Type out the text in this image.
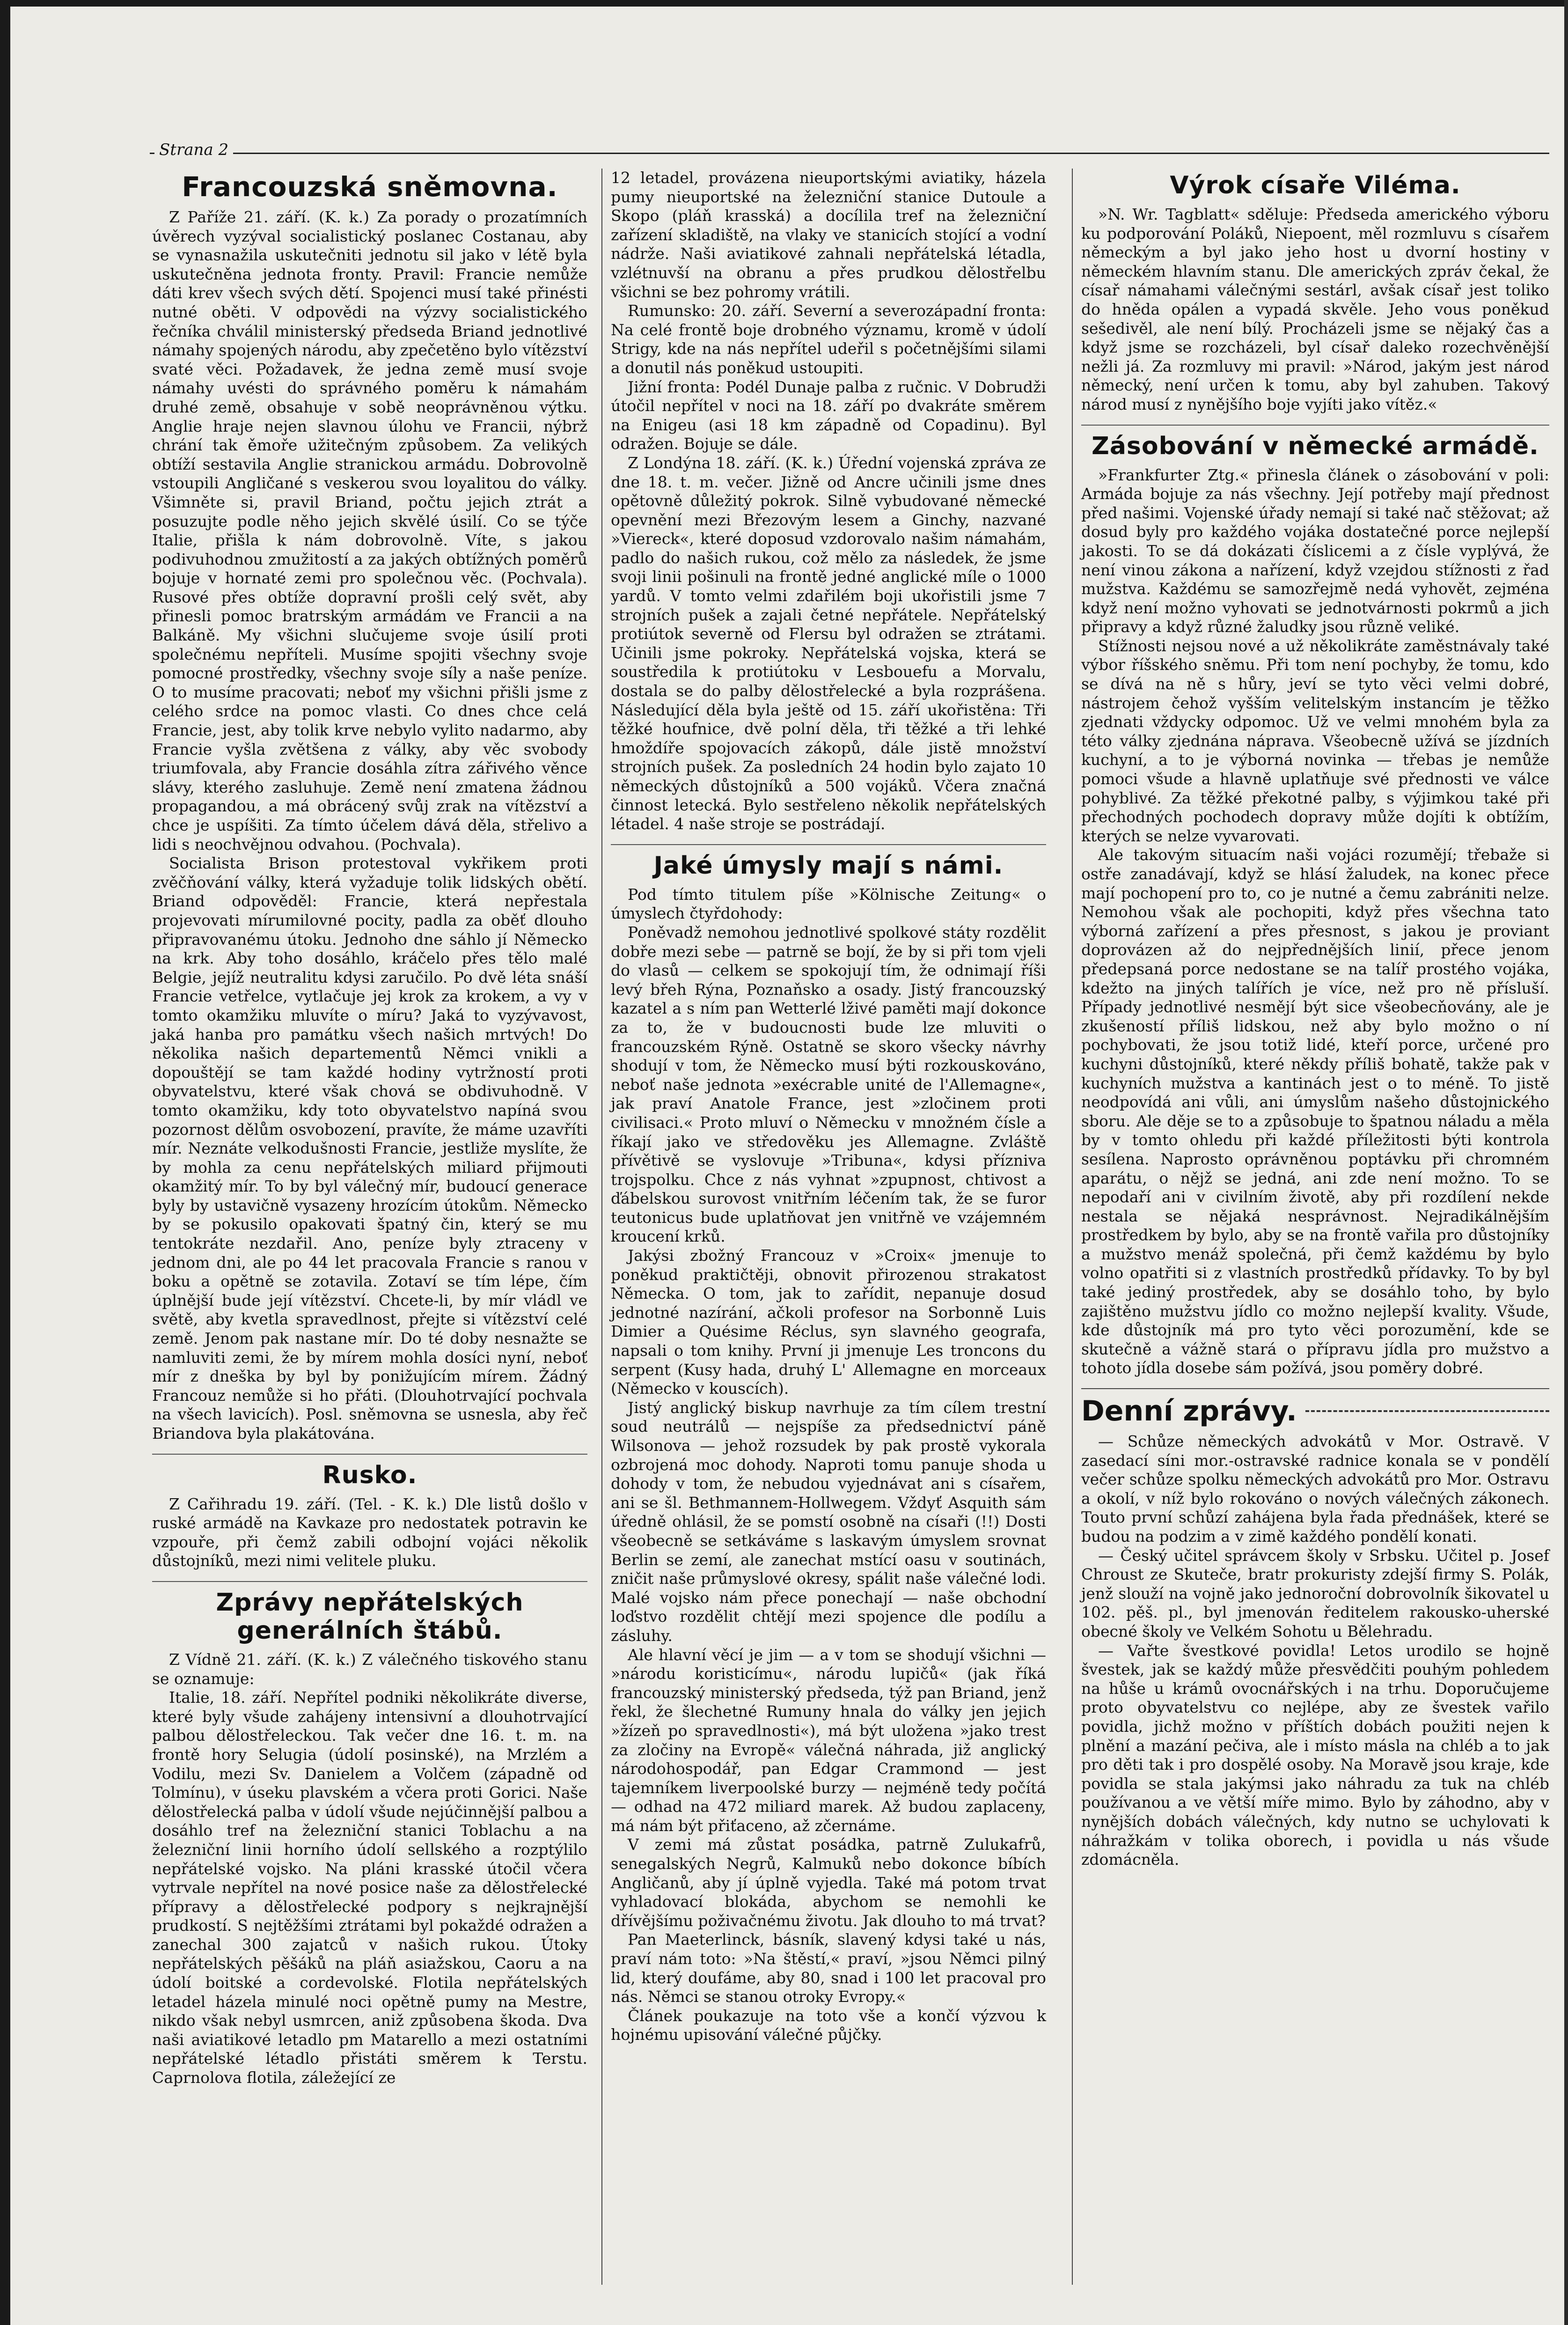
Strana 2
Francouzská sněmovna.

Z Paříže 21. září. (K. k.) Za porady o prozatímních úvěrech vyzýval socialistický poslanec Costanau, aby se vynasnažila uskutečniti jednotu sil jako v létě byla uskutečněna jednota fronty. Pravil: Francie nemůže dáti krev všech svých dětí. Spojenci musí také přinésti nutné oběti. V odpovědi na výzvy socialistického řečníka chválil ministerský předseda Briand jednotlivé námahy spojených národu, aby zpečetěno bylo vítězství svaté věci. Požadavek, že jedna země musí svoje námahy uvésti do správného poměru k námahám druhé země, obsahuje v sobě neoprávněnou výtku. Anglie hraje nejen slavnou úlohu ve Francii, nýbrž chrání tak ěmoře užitečným způsobem. Za velikých obtíží sestavila Anglie stranickou armádu. Dobrovolně vstoupili Angličané s veskerou svou loyalitou do války. Všimněte si, pravil Briand, počtu jejich ztrát a posuzujte podle něho jejich skvělé úsilí. Co se týče Italie, přišla k nám dobrovolně. Víte, s jakou podivuhodnou zmužitostí a za jakých obtížných poměrů bojuje v hornaté zemi pro společnou věc. (Pochvala). Rusové přes obtíže dopravní prošli celý svět, aby přinesli pomoc bratrským armádám ve Francii a na Balkáně. My všichni slučujeme svoje úsilí proti společnému nepříteli. Musíme spojiti všechny svoje pomocné prostředky, všechny svoje síly a naše peníze. O to musíme pracovati; neboť my všichni přišli jsme z celého srdce na pomoc vlasti. Co dnes chce celá Francie, jest, aby tolik krve nebylo vylito nadarmo, aby Francie vyšla zvětšena z války, aby věc svobody triumfovala, aby Francie dosáhla zítra zářivého věnce slávy, kterého zasluhuje. Země není zmatena žádnou propagandou, a má obrácený svůj zrak na vítězství a chce je uspíšiti. Za tímto účelem dává děla, střelivo a lidi s neochvějnou odvahou. (Pochvala).

Socialista Brison protestoval vykřikem proti zvěčňování války, která vyžaduje tolik lidských obětí. Briand odpověděl: Francie, která nepřestala projevovati mírumilovné pocity, padla za oběť dlouho připravovanému útoku. Jednoho dne sáhlo jí Německo na krk. Aby toho dosáhlo, kráčelo přes tělo malé Belgie, jejíž neutralitu kdysi zaručilo. Po dvě léta snáší Francie vetřelce, vytlačuje jej krok za krokem, a vy v tomto okamžiku mluvíte o míru? Jaká to vyzývavost, jaká hanba pro památku všech našich mrtvých! Do několika našich departementů Němci vnikli a dopouštějí se tam každé hodiny vytržností proti obyvatelstvu, které však chová se obdivuhodně. V tomto okamžiku, kdy toto obyvatelstvo napíná svou pozornost dělům osvobození, pravíte, že máme uzavříti mír. Neznáte velkodušnosti Francie, jestliže myslíte, že by mohla za cenu nepřátelských miliard přijmouti okamžitý mír. To by byl válečný mír, budoucí generace byly by ustavičně vysazeny hrozícím útokům. Německo by se pokusilo opakovati špatný čin, který se mu tentokráte nezdařil. Ano, peníze byly ztraceny v jednom dni, ale po 44 let pracovala Francie s ranou v boku a opětně se zotavila. Zotaví se tím lépe, čím úplnější bude její vítězství. Chcete-li, by mír vládl ve světě, aby kvetla spravedlnost, přejte si vítězství celé země. Jenom pak nastane mír. Do té doby nesnažte se namluviti zemi, že by mírem mohla dosíci nyní, neboť mír z dneška by byl by ponižujícím mírem. Žádný Francouz nemůže si ho přáti. (Dlouhotrvající pochvala na všech lavicích). Posl. sněmovna se usnesla, aby řeč Briandova byla plakátována.

Rusko.

Z Cařihradu 19. září. (Tel. - K. k.) Dle listů došlo v ruské armádě na Kavkaze pro nedostatek potravin ke vzpouře, při čemž zabili odbojní vojáci několik důstojníků, mezi nimi velitele pluku.

Zprávy nepřátelských generálních štábů.

Z Vídně 21. září. (K. k.) Z válečného tiskového stanu se oznamuje:

Italie, 18. září. Nepřítel podniki několikráte diverse, které byly všude zahájeny intensivní a dlouhotrvající palbou dělostřeleckou. Tak večer dne 16. t. m. na frontě hory Selugia (údolí posinské), na Mrzlém a Vodilu, mezi Sv. Danielem a Volčem (západně od Tolmínu), v úseku plavském a včera proti Gorici. Naše dělostřelecká palba v údolí všude nejúčinnější palbou a dosáhlo tref na železniční stanici Toblachu a na železniční linii horního údolí sellského a rozptýlilo nepřátelské vojsko. Na pláni krasské útočil včera vytrvale nepřítel na nové posice naše za dělostřelecké přípravy a dělostřelecké podpory s nejkrajnější prudkostí. S nejtěžšími ztrátami byl pokaždé odražen a zanechal 300 zajatců v našich rukou. Útoky nepřátelských pěšáků na pláň asiažskou, Caoru a na údolí boitské a cordevolské. Flotila nepřátelských letadel házela minulé noci opětně pumy na Mestre, nikdo však nebyl usmrcen, aniž způsobena škoda. Dva naši aviatikové letadlo pm Matarello a mezi ostatními nepřátelské létadlo přistáti směrem k Terstu. Caprnolova flotila, záležející ze

12 letadel, provázena nieuportskými aviatiky, házela pumy nieuportské na železniční stanice Dutoule a Skopo (pláň krasská) a docílila tref na železniční zařízení skladiště, na vlaky ve stanicích stojící a vodní nádrže. Naši aviatikové zahnali nepřátelská létadla, vzlétnuvší na obranu a přes prudkou dělostřelbu všichni se bez pohromy vrátili.

Rumunsko: 20. září. Severní a severozápadní fronta: Na celé frontě boje drobného významu, kromě v údolí Strigy, kde na nás nepřítel udeřil s početnějšími silami a donutil nás poněkud ustoupiti.

Jižní fronta: Podél Dunaje palba z ručnic. V Dobrudži útočil nepřítel v noci na 18. září po dvakráte směrem na Enigeu (asi 18 km západně od Copadinu). Byl odražen. Bojuje se dále.

Z Londýna 18. září. (K. k.) Úřední vojenská zpráva ze dne 18. t. m. večer. Jižně od Ancre učinili jsme dnes opětovně důležitý pokrok. Silně vybudované německé opevnění mezi Březovým lesem a Ginchy, nazvané »Viereck«, které doposud vzdorovalo našim námahám, padlo do našich rukou, což mělo za následek, že jsme svoji linii pošinuli na frontě jedné anglické míle o 1000 yardů. V tomto velmi zdařilém boji ukořistili jsme 7 strojních pušek a zajali četné nepřátele. Nepřátelský protiútok severně od Flersu byl odražen se ztrátami. Učinili jsme pokroky. Nepřátelská vojska, která se soustředila k protiútoku v Lesbouefu a Morvalu, dostala se do palby dělostřelecké a byla rozprášena. Následující děla byla ještě od 15. září ukořistěna: Tři těžké houfnice, dvě polní děla, tři těžké a tři lehké hmoždíře spojovacích zákopů, dále jistě množství strojních pušek. Za posledních 24 hodin bylo zajato 10 německých důstojníků a 500 vojáků. Včera značná činnost letecká. Bylo sestřeleno několik nepřátelských létadel. 4 naše stroje se postrádají.

Jaké úmysly mají s námi.

Pod tímto titulem píše »Kölnische Zeitung« o úmyslech čtyřdohody:

Poněvadž nemohou jednotlivé spolkové státy rozdělit dobře mezi sebe — patrně se bojí, že by si při tom vjeli do vlasů — celkem se spokojují tím, že odnimají říši levý břeh Rýna, Poznaňsko a osady. Jistý francouzský kazatel a s ním pan Wetterlé lživé paměti mají dokonce za to, že v budoucnosti bude lze mluviti o francouzském Rýně. Ostatně se skoro všecky návrhy shodují v tom, že Německo musí býti rozkouskováno, neboť naše jednota »exécrable unité de l'Allemagne«, jak praví Anatole France, jest »zločinem proti civilisaci.« Proto mluví o Německu v množném čísle a říkají jako ve středověku jes Allemagne. Zvláště přívětivě se vyslovuje »Tribuna«, kdysi přízniva trojspolku. Chce z nás vyhnat »zpupnost, chtivost a ďábelskou surovost vnitřním léčením tak, že se furor teutonicus bude uplatňovat jen vnitřně ve vzájemném kroucení krků.

Jakýsi zbožný Francouz v »Croix« jmenuje to poněkud praktičtěji, obnovit přirozenou strakatost Německa. O tom, jak to zařídit, nepanuje dosud jednotné nazírání, ačkoli profesor na Sorbonně Luis Dimier a Quésime Réclus, syn slavného geografa, napsali o tom knihy. První ji jmenuje Les troncons du serpent (Kusy hada, druhý L' Allemagne en morceaux (Německo v kouscích).

Jistý anglický biskup navrhuje za tím cílem trestní soud neutrálů — nejspíše za předsednictví páně Wilsonova — jehož rozsudek by pak prostě vykorala ozbrojená moc dohody. Naproti tomu panuje shoda u dohody v tom, že nebudou vyjednávat ani s císařem, ani se šl. Bethmannem-Hollwegem. Vždyť Asquith sám úředně ohlásil, že se pomstí osobně na císaři (!!) Dosti všeobecně se setkáváme s laskavým úmyslem srovnat Berlin se zemí, ale zanechat mstící oasu v soutinách, zničit naše průmyslové okresy, spálit naše válečné lodi. Malé vojsko nám přece ponechají — naše obchodní loďstvo rozdělit chtějí mezi spojence dle podílu a zásluhy.

Ale hlavní věcí je jim — a v tom se shodují všichni — »národu koristicímu«, národu lupičů« (jak říká francouzský ministerský předseda, týž pan Briand, jenž řekl, že šlechetné Rumuny hnala do války jen jejich »žízeň po spravedlnosti«), má být uložena »jako trest za zločiny na Evropě« válečná náhrada, již anglický národohospodář, pan Edgar Crammond — jest tajemníkem liverpoolské burzy — nejméně tedy počítá — odhad na 472 miliard marek. Až budou zaplaceny, má nám být přiťaceno, až zčernáme.

V zemi má zůstat posádka, patrně Zulukafrů, senegalských Negrů, Kalmuků nebo dokonce bíbích Angličanů, aby jí úplně vyjedla. Také má potom trvat vyhladovací blokáda, abychom se nemohli ke dřívějšímu poživačnému životu. Jak dlouho to má trvat?

Pan Maeterlinck, básník, slavený kdysi také u nás, praví nám toto: »Na štěstí,« praví, »jsou Němci pilný lid, který doufáme, aby 80, snad i 100 let pracoval pro nás. Němci se stanou otroky Evropy.«

Článek poukazuje na toto vše a končí výzvou k hojnému upisování válečné půjčky.

Výrok císaře Viléma.

»N. Wr. Tagblatt« sděluje: Předseda amerického výboru ku podporování Poláků, Niepoent, měl rozmluvu s císařem německým a byl jako jeho host u dvorní hostiny v německém hlavním stanu. Dle amerických zpráv čekal, že císař námahami válečnými sestárl, avšak císař jest toliko do hněda opálen a vypadá skvěle. Jeho vous poněkud sešedivěl, ale není bílý. Procházeli jsme se nějaký čas a když jsme se rozcházeli, byl císař daleko rozechvěnější nežli já. Za rozmluvy mi pravil: »Národ, jakým jest národ německý, není určen k tomu, aby byl zahuben. Takový národ musí z nynějšího boje vyjíti jako vítěz.«

Zásobování v německé armádě.

»Frankfurter Ztg.« přinesla článek o zásobování v poli: Armáda bojuje za nás všechny. Její potřeby mají přednost před našimi. Vojenské úřady nemají si také nač stěžovat; až dosud byly pro každého vojáka dostatečné porce nejlepší jakosti. To se dá dokázati číslicemi a z čísle vyplývá, že není vinou zákona a nařízení, když vzejdou stížnosti z řad mužstva. Každému se samozřejmě nedá vyhovět, zejména když není možno vyhovati se jednotvárnosti pokrmů a jich připravy a když různé žaludky jsou různě veliké.

Stížnosti nejsou nové a už několikráte zaměstnávaly také výbor říšského sněmu. Při tom není pochyby, že tomu, kdo se dívá na ně s hůry, jeví se tyto věci velmi dobré, nástrojem čehož vyšším velitelským instancím je těžko zjednati vždycky odpomoc. Už ve velmi mnohém byla za této války zjednána náprava. Všeobecně užívá se jízdních kuchyní, a to je výborná novinka — třebas je nemůže pomoci všude a hlavně uplatňuje své přednosti ve válce pohyblivé. Za těžké překotné palby, s výjimkou také při přechodných pochodech dopravy může dojíti k obtížím, kterých se nelze vyvarovati.

Ale takovým situacím naši vojáci rozumějí; třebaže si ostře zanadávají, když se hlásí žaludek, na konec přece mají pochopení pro to, co je nutné a čemu zabrániti nelze. Nemohou však ale pochopiti, když přes všechna tato výborná zařízení a přes přesnost, s jakou je proviant doprovázen až do nejpřednějších linií, přece jenom předepsaná porce nedostane se na talíř prostého vojáka, kdežto na jiných talířích je více, než pro ně přísluší. Případy jednotlivé nesmějí být sice všeobecňovány, ale je zkušeností příliš lidskou, než aby bylo možno o ní pochybovati, že jsou totiž lidé, kteří porce, určené pro kuchyni důstojníků, které někdy příliš bohatě, takže pak v kuchyních mužstva a kantinách jest o to méně. To jistě neodpovídá ani vůli, ani úmyslům našeho důstojnického sboru. Ale děje se to a způsobuje to špatnou náladu a měla by v tomto ohledu při každé příležitosti býti kontrola sesílena. Naprosto oprávněnou poptávku při chromném aparátu, o nějž se jedná, ani zde není možno. To se nepodaří ani v civilním životě, aby při rozdílení nekde nestala se nějaká nesprávnost. Nejradikálnějším prostředkem by bylo, aby se na frontě vařila pro důstojníky a mužstvo menáž společná, při čemž každému by bylo volno opatřiti si z vlastních prostředků přídavky. To by byl také jediný prostředek, aby se dosáhlo toho, by bylo zajištěno mužstvu jídlo co možno nejlepší kvality. Všude, kde důstojník má pro tyto věci porozumění, kde se skutečně a vážně stará o přípravu jídla pro mužstvo a tohoto jídla dosebe sám požívá, jsou poměry dobré.

Denní zprávy.

— Schůze německých advokátů v Mor. Ostravě. V zasedací síni mor.-ostravské radnice konala se v pondělí večer schůze spolku německých advokátů pro Mor. Ostravu a okolí, v níž bylo rokováno o nových válečných zákonech. Touto první schůzí zahájena byla řada přednášek, které se budou na podzim a v zimě každého pondělí konati.

— Český učitel správcem školy v Srbsku. Učitel p. Josef Chroust ze Skuteče, bratr prokuristy zdejší firmy S. Polák, jenž slouží na vojně jako jednoroční dobrovolník šikovatel u 102. pěš. pl., byl jmenován ředitelem rakousko-uherské obecné školy ve Velkém Sohotu u Bělehradu.

— Vařte švestkové povidla! Letos urodilo se hojně švestek, jak se každý může přesvědčiti pouhým pohledem na hůše u krámů ovocnářských i na trhu. Doporučujeme proto obyvatelstvu co nejlépe, aby ze švestek vařilo povidla, jichž možno v příštích dobách použiti nejen k plnění a mazání pečiva, ale i místo másla na chléb a to jak pro děti tak i pro dospělé osoby. Na Moravě jsou kraje, kde povidla se stala jakýmsi jako náhradu za tuk na chléb používanou a ve větší míře mimo. Bylo by záhodno, aby v nynějších dobách válečných, kdy nutno se uchylovati k náhražkám v tolika oborech, i povidla u nás všude zdomácněla.
